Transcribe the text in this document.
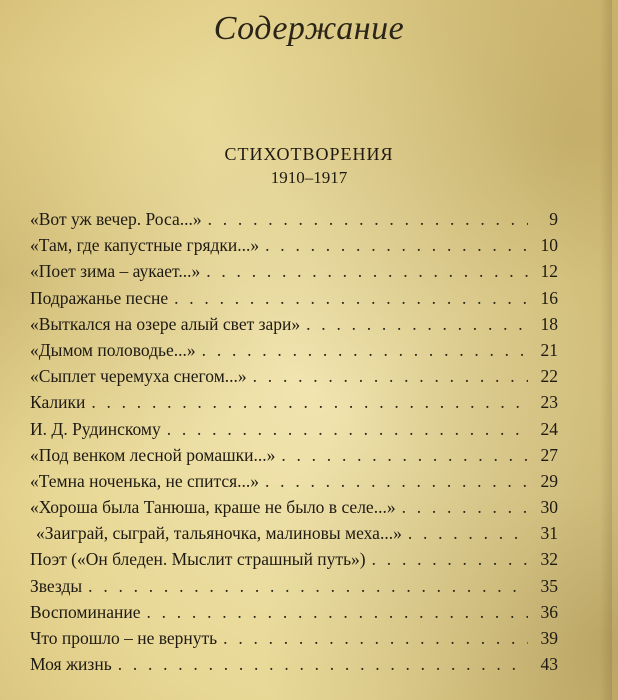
Содержание
СТИХОТВОРЕНИЯ
1910–1917
«Вот уж вечер. Роса...» . . .	9
«Там, где капустные грядки...» . . .	10
«Поет зима – аукает...» . . .	12
Подражанье песне . . .	16
«Выткался на озере алый свет зари» . . .	18
«Дымом половодье...» . . .	21
«Сыплет черемуха снегом...» . . .	22
Калики . . .	23
И. Д. Рудинскому . . .	24
«Под венком лесной ромашки...» . . .	27
«Темна ноченька, не спится...» . . .	29
«Хороша была Танюша, краше не было в селе...» . . .	30
«Заиграй, сыграй, тальяночка, малиновы меха...» . . .	31
Поэт («Он бледен. Мыслит страшный путь») . . .	32
Звезды . . .	35
Воспоминание . . .	36
Что прошло – не вернуть . . .	39
Моя жизнь . . .	43
